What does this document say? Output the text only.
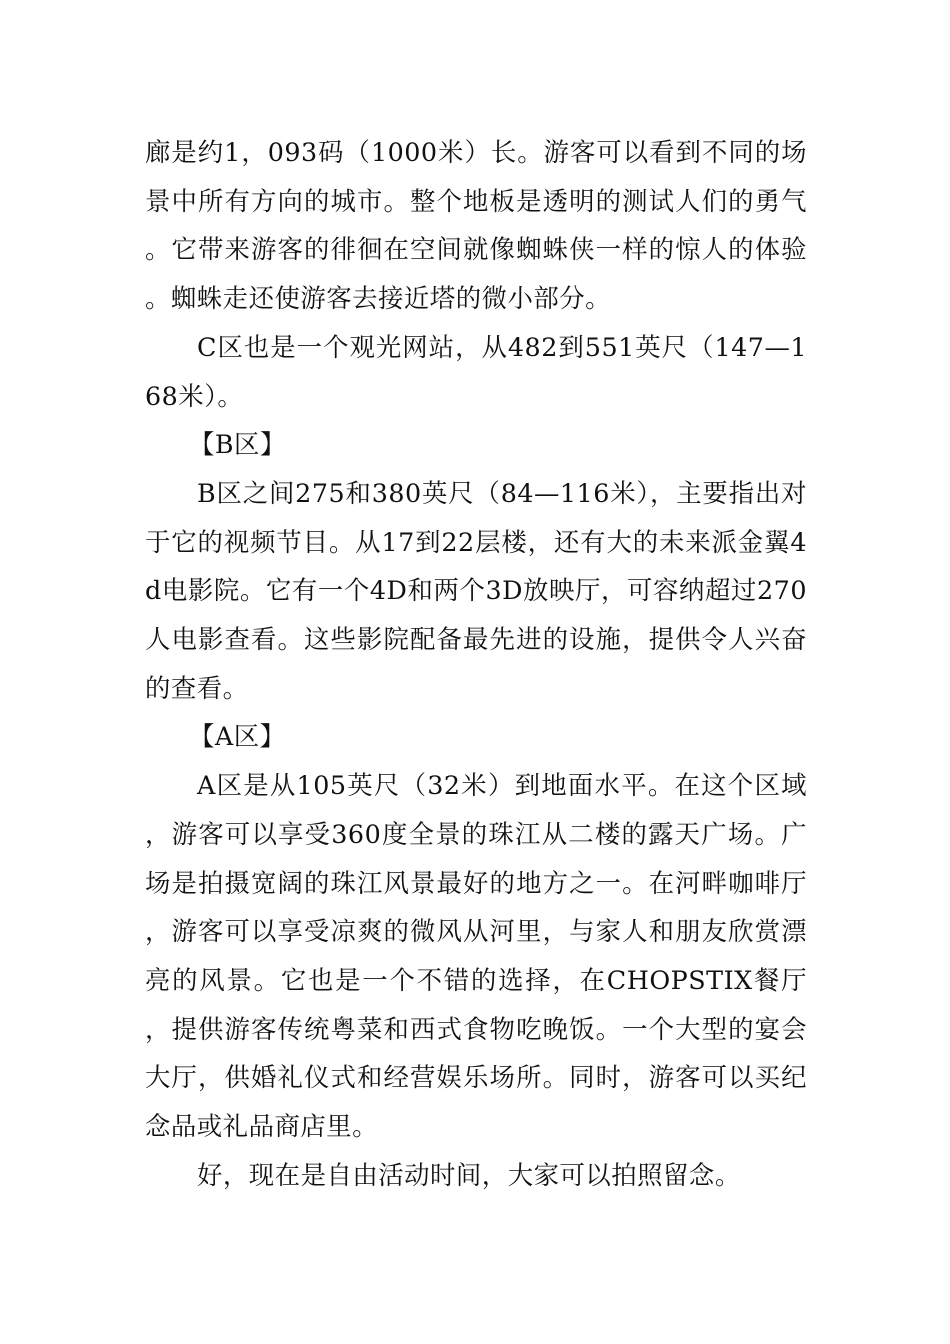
廊是约1，093码（1000米）长。游客可以看到不同的场景中所有方向的城市。整个地板是透明的测试人们的勇气。它带来游客的徘徊在空间就像蜘蛛侠一样的惊人的体验。蜘蛛走还使游客去接近塔的微小部分。

C区也是一个观光网站，从482到551英尺（147—168米）。

【B区】

B区之间275和380英尺（84—116米），主要指出对于它的视频节目。从17到22层楼，还有大的未来派金翼4d电影院。它有一个4D和两个3D放映厅，可容纳超过270人电影查看。这些影院配备最先进的设施，提供令人兴奋的查看。

【A区】

A区是从105英尺（32米）到地面水平。在这个区域，游客可以享受360度全景的珠江从二楼的露天广场。广场是拍摄宽阔的珠江风景最好的地方之一。在河畔咖啡厅，游客可以享受凉爽的微风从河里，与家人和朋友欣赏漂亮的风景。它也是一个不错的选择，在CHOPSTIX餐厅，提供游客传统粤菜和西式食物吃晚饭。一个大型的宴会大厅，供婚礼仪式和经营娱乐场所。同时，游客可以买纪念品或礼品商店里。

好，现在是自由活动时间，大家可以拍照留念。
